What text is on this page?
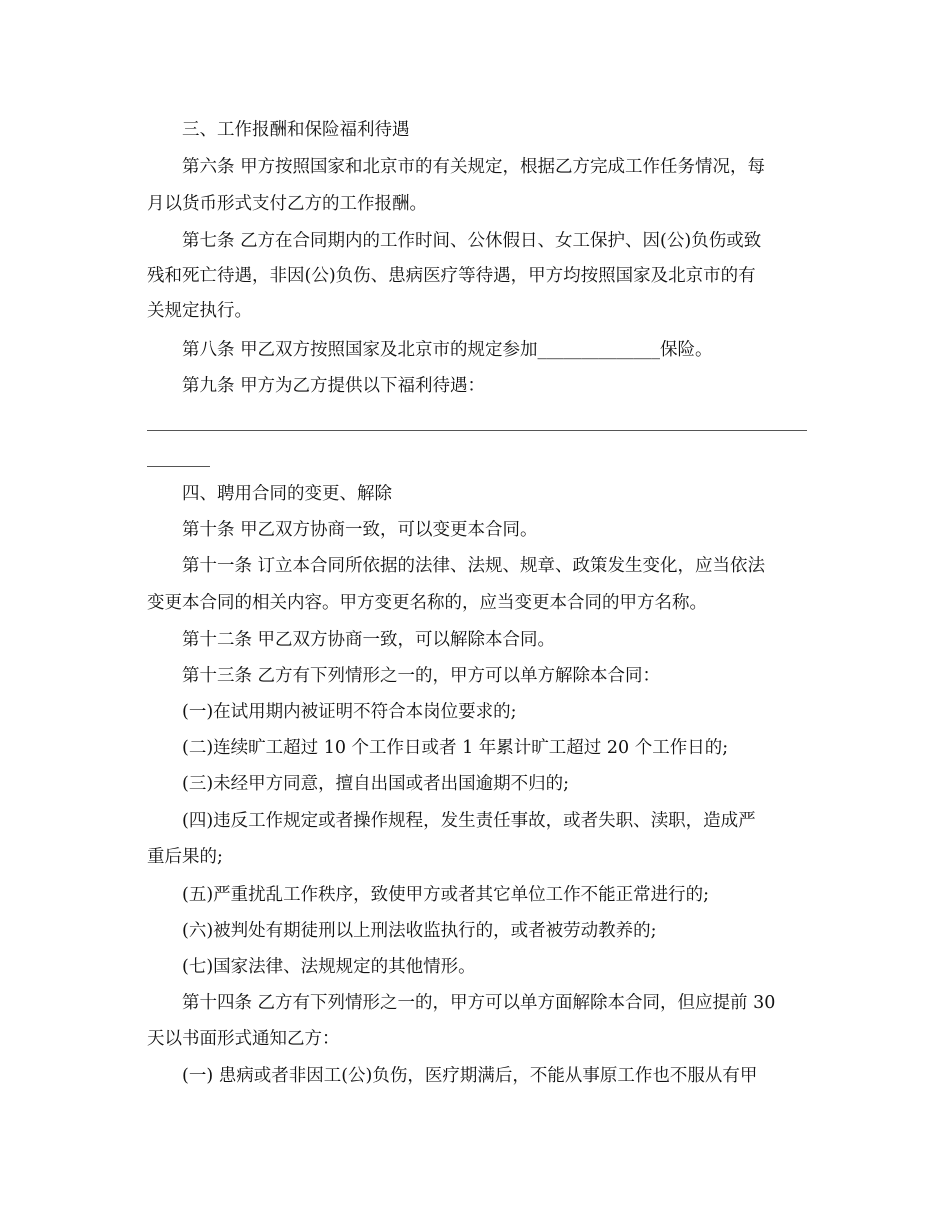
三、工作报酬和保险福利待遇
第六条 甲方按照国家和北京市的有关规定，根据乙方完成工作任务情况，每
月以货币形式支付乙方的工作报酬。
第七条 乙方在合同期内的工作时间、公休假日、女工保护、因(公)负伤或致
残和死亡待遇，非因(公)负伤、患病医疗等待遇，甲方均按照国家及北京市的有
关规定执行。
第八条 甲乙双方按照国家及北京市的规定参加______________保险。
第九条 甲方为乙方提供以下福利待遇：
四、聘用合同的变更、解除
第十条 甲乙双方协商一致，可以变更本合同。
第十一条 订立本合同所依据的法律、法规、规章、政策发生变化，应当依法
变更本合同的相关内容。甲方变更名称的，应当变更本合同的甲方名称。
第十二条 甲乙双方协商一致，可以解除本合同。
第十三条 乙方有下列情形之一的，甲方可以单方解除本合同：
(一)在试用期内被证明不符合本岗位要求的;
(二)连续旷工超过 10 个工作日或者 1 年累计旷工超过 20 个工作日的;
(三)未经甲方同意，擅自出国或者出国逾期不归的;
(四)违反工作规定或者操作规程，发生责任事故，或者失职、渎职，造成严
重后果的;
(五)严重扰乱工作秩序，致使甲方或者其它单位工作不能正常进行的;
(六)被判处有期徒刑以上刑法收监执行的，或者被劳动教养的;
(七)国家法律、法规规定的其他情形。
第十四条 乙方有下列情形之一的，甲方可以单方面解除本合同，但应提前 30
天以书面形式通知乙方：
(一) 患病或者非因工(公)负伤，医疗期满后，不能从事原工作也不服从有甲
